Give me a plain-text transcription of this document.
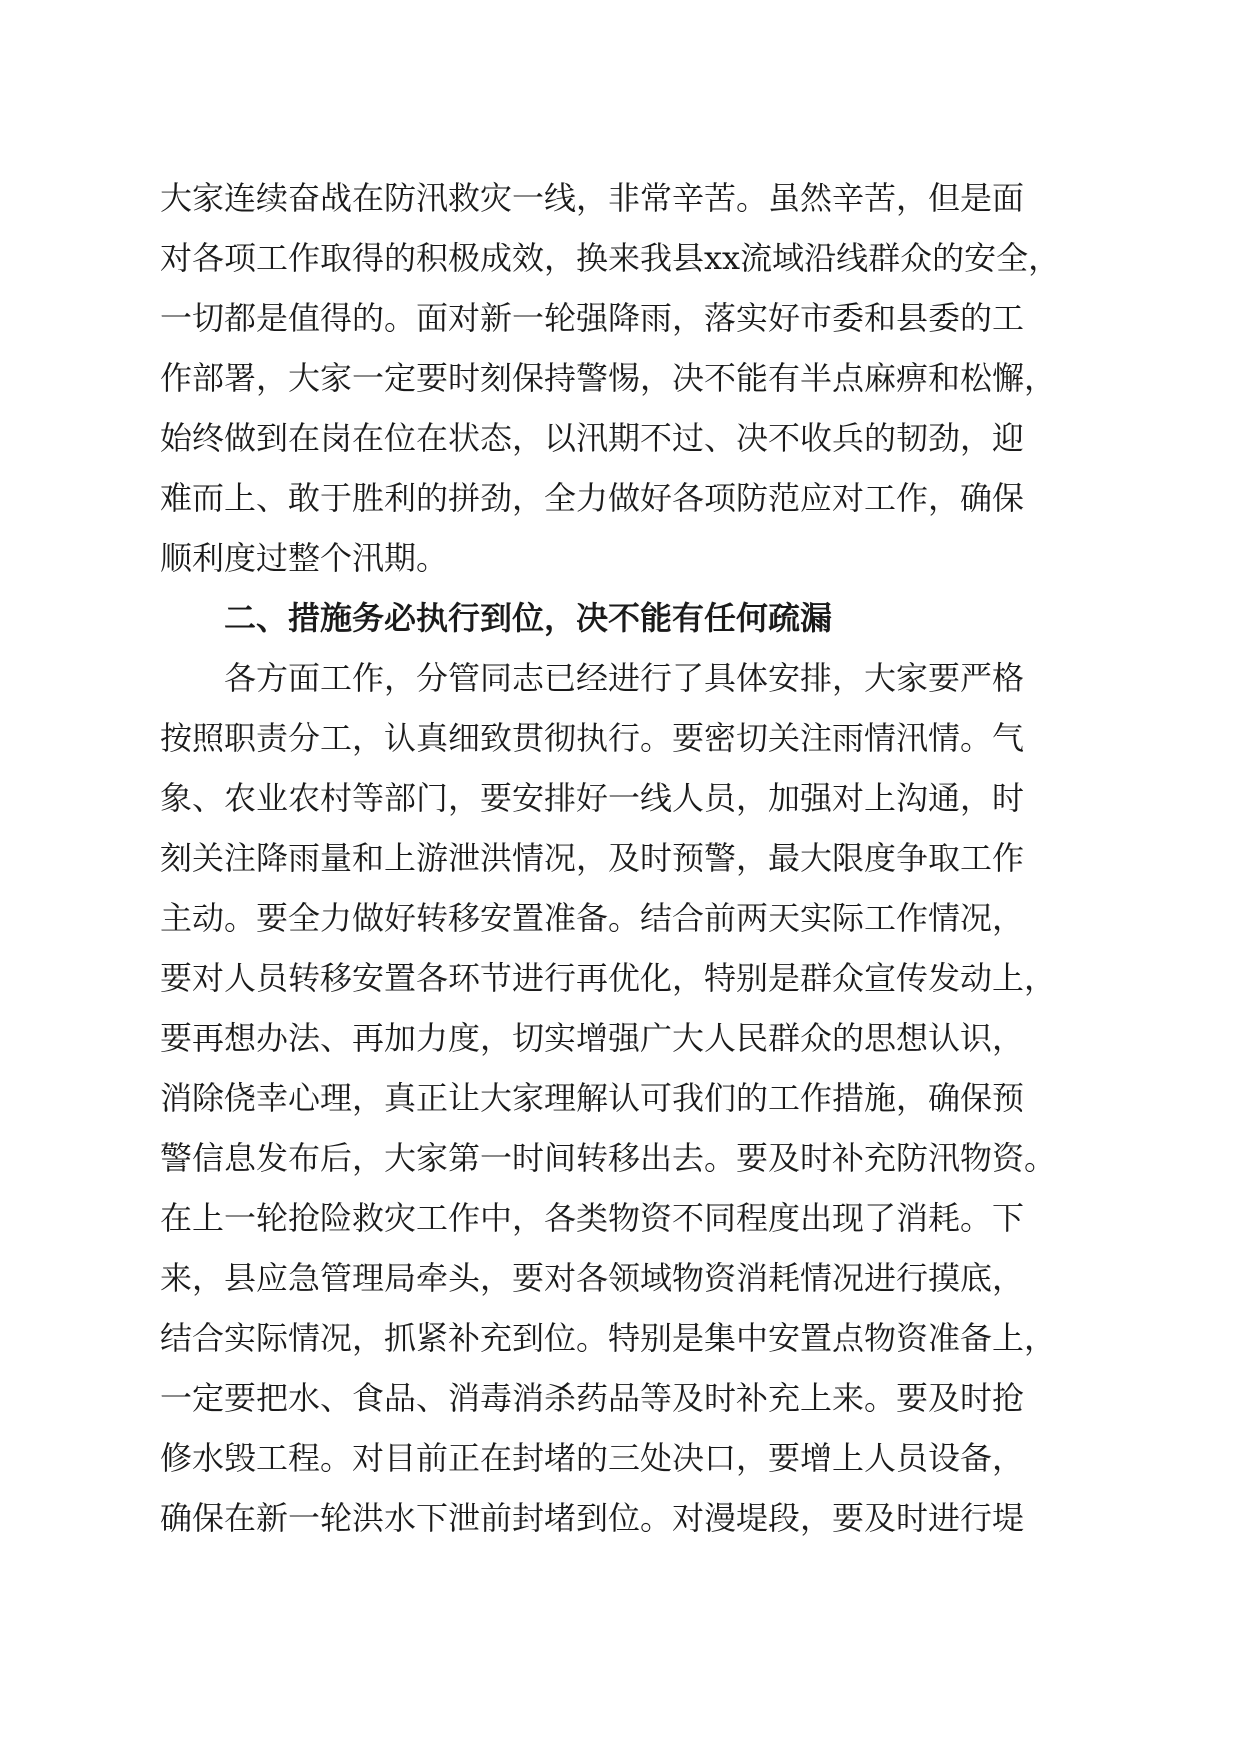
大家连续奋战在防汛救灾一线，非常辛苦。虽然辛苦，但是面
对各项工作取得的积极成效，换来我县xx流域沿线群众的安全，
一切都是值得的。面对新一轮强降雨，落实好市委和县委的工
作部署，大家一定要时刻保持警惕，决不能有半点麻痹和松懈，
始终做到在岗在位在状态，以汛期不过、决不收兵的韧劲，迎
难而上、敢于胜利的拼劲，全力做好各项防范应对工作，确保
顺利度过整个汛期。
二、措施务必执行到位，决不能有任何疏漏
各方面工作，分管同志已经进行了具体安排，大家要严格
按照职责分工，认真细致贯彻执行。要密切关注雨情汛情。气
象、农业农村等部门，要安排好一线人员，加强对上沟通，时
刻关注降雨量和上游泄洪情况，及时预警，最大限度争取工作
主动。要全力做好转移安置准备。结合前两天实际工作情况，
要对人员转移安置各环节进行再优化，特别是群众宣传发动上，
要再想办法、再加力度，切实增强广大人民群众的思想认识，
消除侥幸心理，真正让大家理解认可我们的工作措施，确保预
警信息发布后，大家第一时间转移出去。要及时补充防汛物资。
在上一轮抢险救灾工作中，各类物资不同程度出现了消耗。下
来，县应急管理局牵头，要对各领域物资消耗情况进行摸底，
结合实际情况，抓紧补充到位。特别是集中安置点物资准备上，
一定要把水、食品、消毒消杀药品等及时补充上来。要及时抢
修水毁工程。对目前正在封堵的三处决口，要增上人员设备，
确保在新一轮洪水下泄前封堵到位。对漫堤段，要及时进行堤
